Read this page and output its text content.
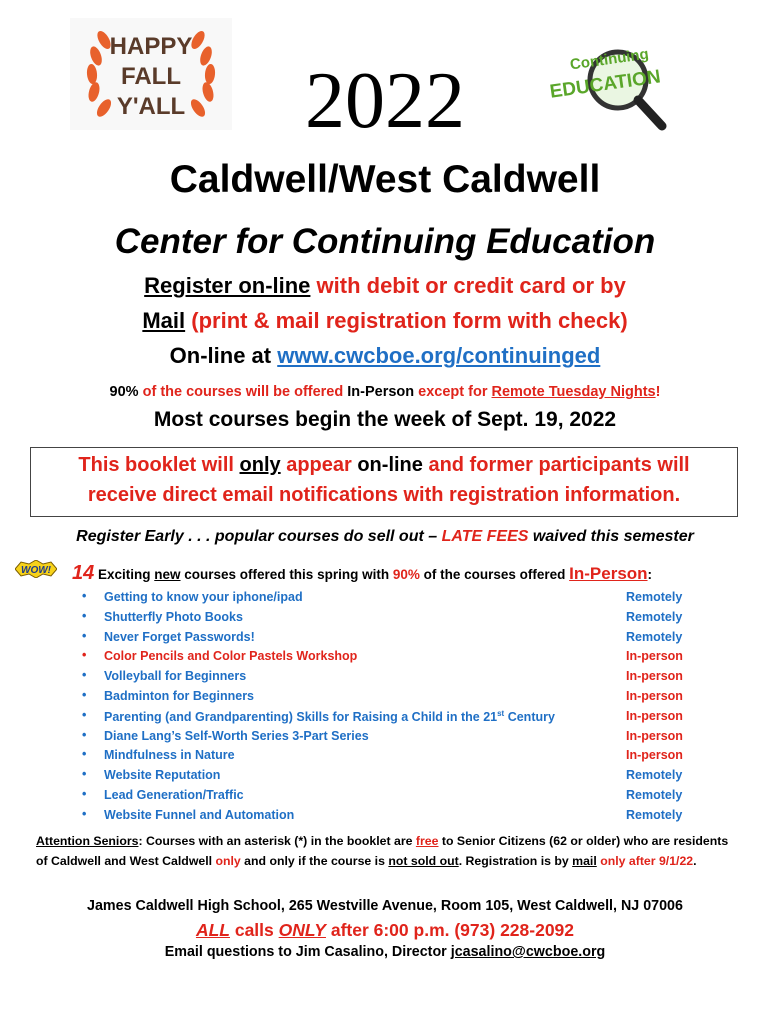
HAPPY
FALL
Y'ALL	2022	Continuing
EDUCATION
Caldwell/West Caldwell
Center for Continuing Education
Register on-line with debit or credit card or by
Mail (print & mail registration form with check)
On-line at www.cwcboe.org/continuinged
90% of the courses will be offered In-Person except for Remote Tuesday Nights!
Most courses begin the week of Sept. 19, 2022
This booklet will only appear on-line and former participants will
receive direct email notifications with registration information.
Register Early . . . popular courses do sell out – LATE FEES waived this semester
WOW! 14 Exciting new courses offered this spring with 90% of the courses offered In-Person:
•	Getting to know your iphone/ipad	Remotely
•	Shutterfly Photo Books	Remotely
•	Never Forget Passwords!	Remotely
•	Color Pencils and Color Pastels Workshop	In-person
•	Volleyball for Beginners	In-person
•	Badminton for Beginners	In-person
•	Parenting (and Grandparenting) Skills for Raising a Child in the 21st Century	In-person
•	Diane Lang’s Self-Worth Series 3-Part Series	In-person
•	Mindfulness in Nature	In-person
•	Website Reputation	Remotely
•	Lead Generation/Traffic	Remotely
•	Website Funnel and Automation	Remotely
Attention Seniors: Courses with an asterisk (*) in the booklet are free to Senior Citizens (62 or older) who are residents of Caldwell and West Caldwell only and only if the course is not sold out. Registration is by mail only after 9/1/22.
James Caldwell High School, 265 Westville Avenue, Room 105, West Caldwell, NJ 07006
ALL calls ONLY after 6:00 p.m. (973) 228-2092
Email questions to Jim Casalino, Director jcasalino@cwcboe.org
